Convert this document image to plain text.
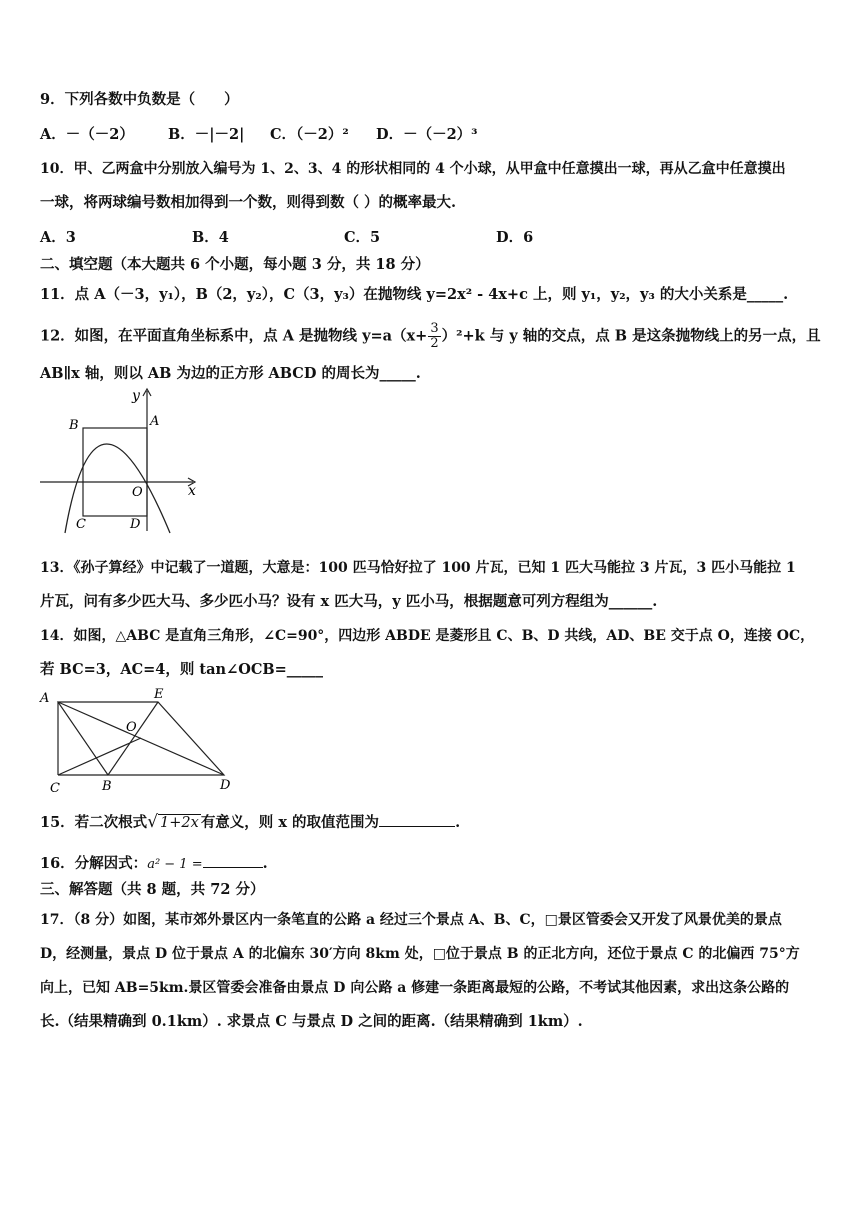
9．下列各数中负数是（　　）
A．－（－2） B．－|－2| C．（－2）² D．－（－2）³
10．甲、乙两盒中分别放入编号为 1、2、3、4 的形状相同的 4 个小球，从甲盒中任意摸出一球，再从乙盒中任意摸出
一球，将两球编号数相加得到一个数，则得到数（ ）的概率最大.
A．3	B．4	C．5	D．6
二、填空题（本大题共 6 个小题，每小题 3 分，共 18 分）
11．点 A（－3，y₁），B（2，y₂），C（3，y₃）在抛物线 y=2x² - 4x+c 上，则 y₁，y₂，y₃ 的大小关系是_____.
12．如图，在平面直角坐标系中，点 A 是抛物线 $y=a(x+ \frac{3}{2} )^2+k$ 与 y 轴的交点，点 B 是这条抛物线上的另一点，且
AB∥x 轴，则以 AB 为边的正方形 ABCD 的周长为_____.
y
x
A
B
O
C	D
13．《孙子算经》中记载了一道题，大意是：100 匹马恰好拉了 100 片瓦，已知 1 匹大马能拉 3 片瓦，3 匹小马能拉 1
片瓦，问有多少匹大马、多少匹小马？设有 x 匹大马，y 匹小马，根据题意可列方程组为______.
14．如图，△ABC 是直角三角形，∠C=90°，四边形 ABDE 是菱形且 C、B、D 共线，AD、BE 交于点 O，连接 OC，
若 BC=3，AC=4，则 tan∠OCB=_____
A	E
O
C	B	D
15．若二次根式√ 1+2x 有意义，则 x 的取值范围为	.
16．分解因式：a² − 1 =	.
三、解答题（共 8 题，共 72 分）
17．（8 分）如图，某市郊外景区内一条笔直的公路 a 经过三个景点 A、B、C，□景区管委会又开发了风景优美的景点
D，经测量，景点 D 位于景点 A 的北偏东 30′方向 8km 处，□位于景点 B 的正北方向，还位于景点 C 的北偏西 75°方
向上，已知 AB=5km.景区管委会准备由景点 D 向公路 a 修建一条距离最短的公路，不考试其他因素，求出这条公路的
长.（结果精确到 0.1km）. 求景点 C 与景点 D 之间的距离.（结果精确到 1km）.
